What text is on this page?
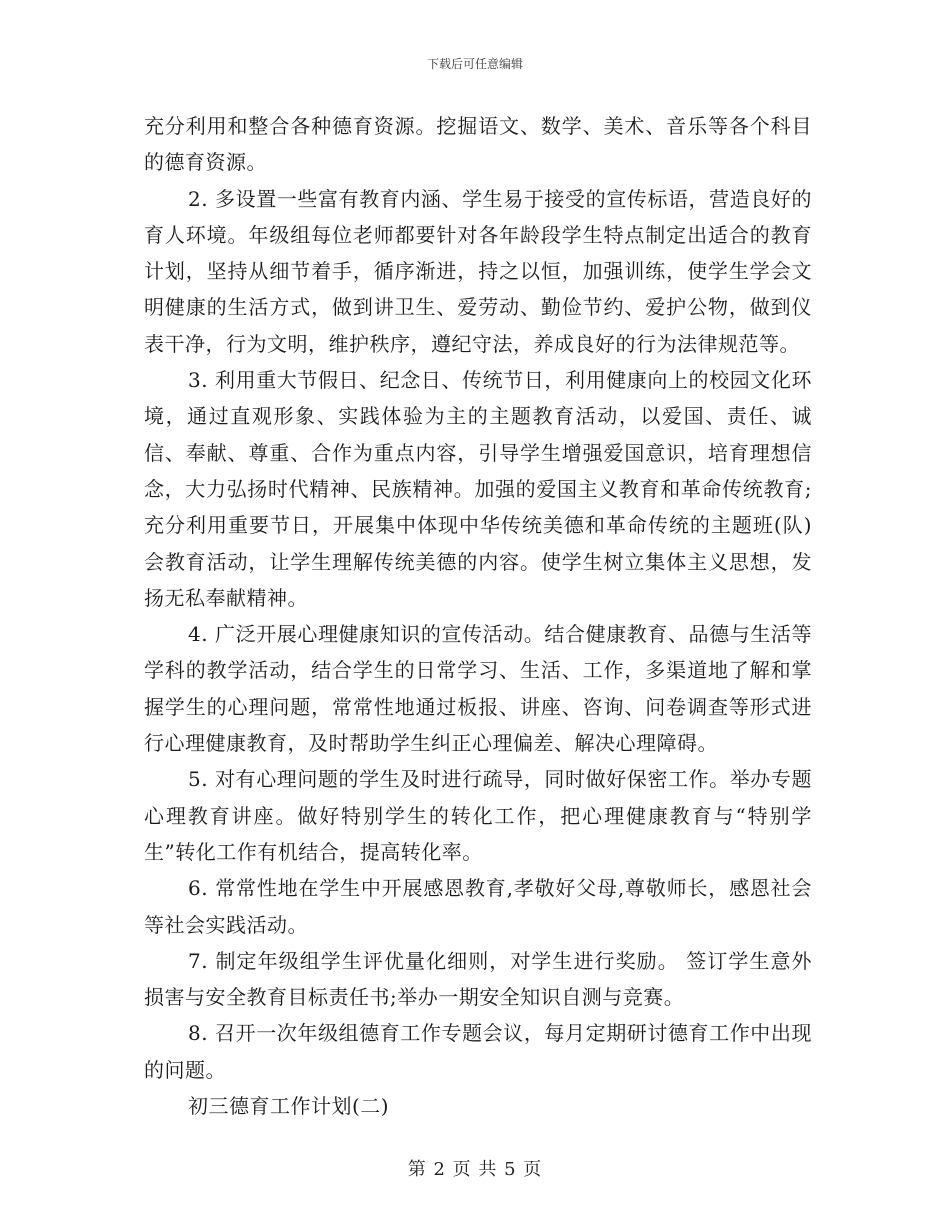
下载后可任意编辑

充分利用和整合各种德育资源。挖掘语文、数学、美术、音乐等各个科目的德育资源。

2. 多设置一些富有教育内涵、学生易于接受的宣传标语，营造良好的育人环境。年级组每位老师都要针对各年龄段学生特点制定出适合的教育计划，坚持从细节着手，循序渐进，持之以恒，加强训练，使学生学会文明健康的生活方式，做到讲卫生、爱劳动、勤俭节约、爱护公物，做到仪表干净，行为文明，维护秩序，遵纪守法，养成良好的行为法律规范等。

3. 利用重大节假日、纪念日、传统节日，利用健康向上的校园文化环境，通过直观形象、实践体验为主的主题教育活动，以爱国、责任、诚信、奉献、尊重、合作为重点内容，引导学生增强爱国意识，培育理想信念，大力弘扬时代精神、民族精神。加强的爱国主义教育和革命传统教育;充分利用重要节日，开展集中体现中华传统美德和革命传统的主题班(队)会教育活动，让学生理解传统美德的内容。使学生树立集体主义思想，发扬无私奉献精神。

4. 广泛开展心理健康知识的宣传活动。结合健康教育、品德与生活等学科的教学活动，结合学生的日常学习、生活、工作，多渠道地了解和掌握学生的心理问题，常常性地通过板报、讲座、咨询、问卷调查等形式进行心理健康教育，及时帮助学生纠正心理偏差、解决心理障碍。

5. 对有心理问题的学生及时进行疏导，同时做好保密工作。举办专题心理教育讲座。做好特别学生的转化工作，把心理健康教育与“特别学生”转化工作有机结合，提高转化率。

6. 常常性地在学生中开展感恩教育,孝敬好父母,尊敬师长，感恩社会等社会实践活动。

7. 制定年级组学生评优量化细则，对学生进行奖励。 签订学生意外损害与安全教育目标责任书;举办一期安全知识自测与竞赛。

8. 召开一次年级组德育工作专题会议，每月定期研讨德育工作中出现的问题。

初三德育工作计划(二)

第 2 页 共 5 页
